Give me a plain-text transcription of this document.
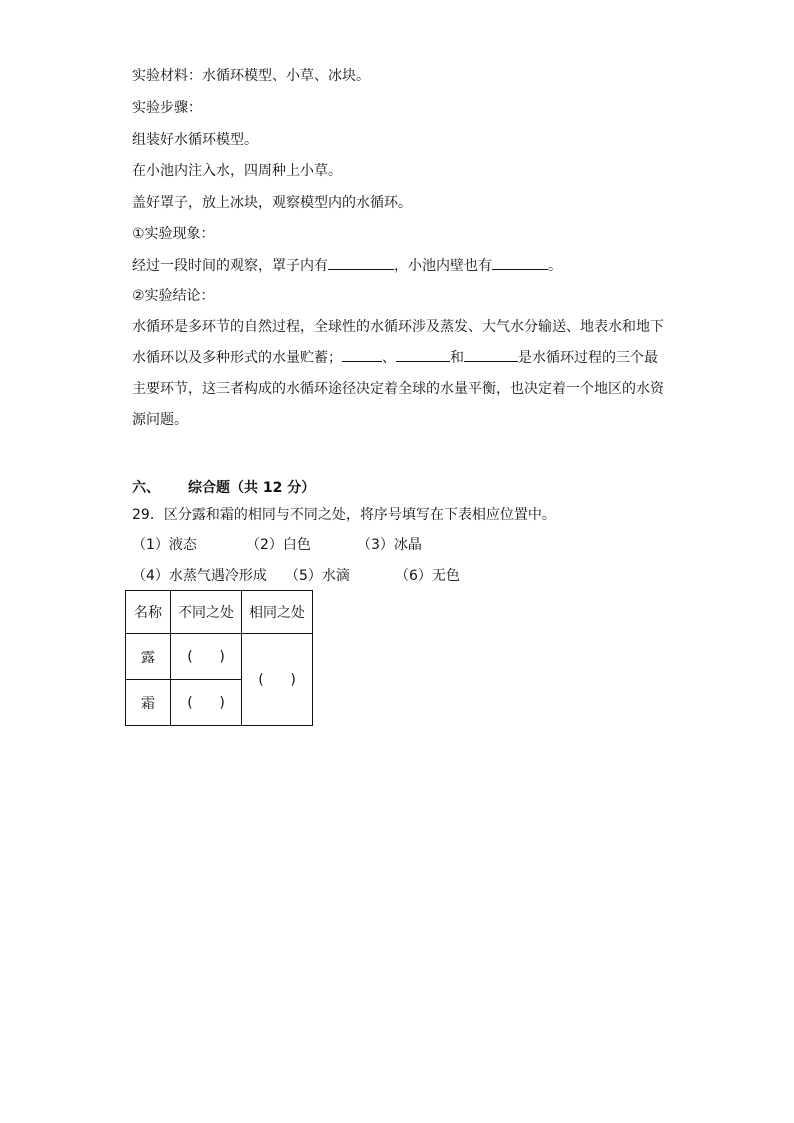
实验材料：水循环模型、小草、冰块。
实验步骤：
组装好水循环模型。
在小池内注入水，四周种上小草。
盖好罩子，放上冰块，观察模型内的水循环。
①实验现象：
经过一段时间的观察，罩子内有	，小池内壁也有	。
②实验结论：
水循环是多环节的自然过程，全球性的水循环涉及蒸发、大气水分输送、地表水和地下水循环以及多种形式的水量贮蓄；	、	和	是水循环过程的三个最主要环节，这三者构成的水循环途径决定着全球的水量平衡，也决定着一个地区的水资源问题。
六、 综合题（共 12 分）
29．区分露和霜的相同与不同之处，将序号填写在下表相应位置中。
（1）液态	（2）白色	（3）冰晶
（4）水蒸气遇冷形成 （5）水滴	（6）无色
名称	不同之处	相同之处
露	(      )	(      )
霜	(      )	
